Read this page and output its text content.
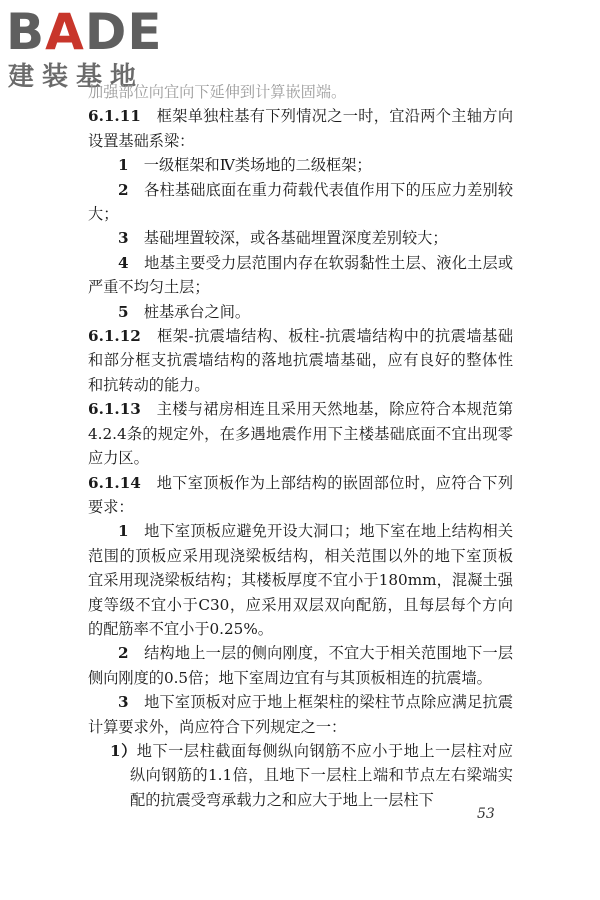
BADE
建装基地

加强部位向宜向下延伸到计算嵌固端。

6.1.11　 框架单独柱基有下列情况之一时，宜沿两个主轴方向设置基础系梁：

1　 一级框架和Ⅳ类场地的二级框架；

2　 各柱基础底面在重力荷载代表值作用下的压应力差别较大；

3　 基础埋置较深，或各基础埋置深度差别较大；

4　 地基主要受力层范围内存在软弱黏性土层、液化土层或严重不均匀土层；

5　 桩基承台之间。

6.1.12　 框架-抗震墙结构、板柱-抗震墙结构中的抗震墙基础和部分框支抗震墙结构的落地抗震墙基础，应有良好的整体性和抗转动的能力。

6.1.13　 主楼与裙房相连且采用天然地基，除应符合本规范第4.2.4条的规定外，在多遇地震作用下主楼基础底面不宜出现零应力区。

6.1.14　 地下室顶板作为上部结构的嵌固部位时，应符合下列要求：

1　 地下室顶板应避免开设大洞口；地下室在地上结构相关范围的顶板应采用现浇梁板结构，相关范围以外的地下室顶板宜采用现浇梁板结构；其楼板厚度不宜小于180mm，混凝土强度等级不宜小于C30，应采用双层双向配筋，且每层每个方向的配筋率不宜小于0.25%。

2　 结构地上一层的侧向刚度，不宜大于相关范围地下一层侧向刚度的0.5倍；地下室周边宜有与其顶板相连的抗震墙。

3　 地下室顶板对应于地上框架柱的梁柱节点除应满足抗震计算要求外，尚应符合下列规定之一：

1）地下一层柱截面每侧纵向钢筋不应小于地上一层柱对应纵向钢筋的1.1倍，且地下一层柱上端和节点左右梁端实配的抗震受弯承载力之和应大于地上一层柱下

53
